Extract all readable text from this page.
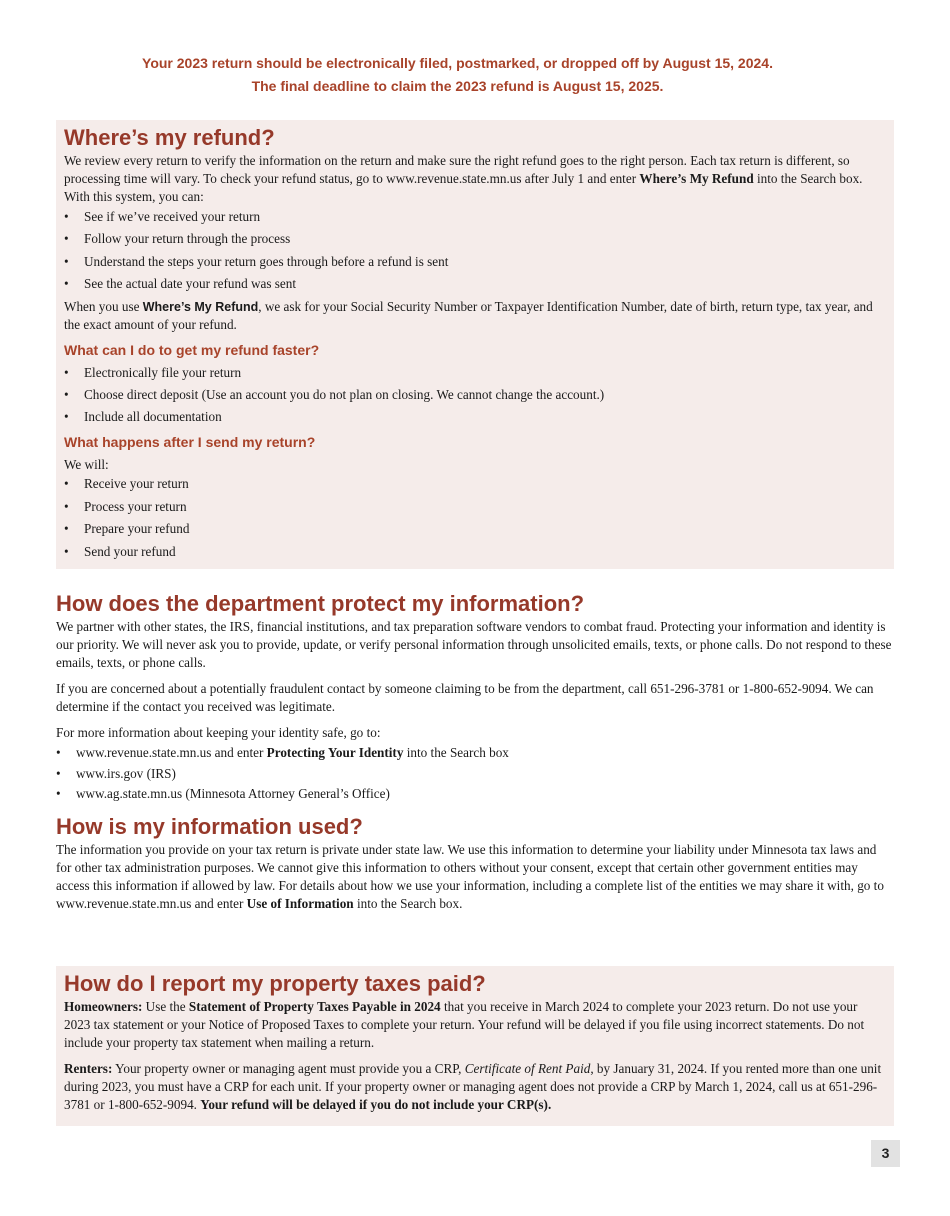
Your 2023 return should be electronically filed, postmarked, or dropped off by August 15, 2024.
The final deadline to claim the 2023 refund is August 15, 2025.
Where’s my refund?

We review every return to verify the information on the return and make sure the right refund goes to the right person. Each tax return is different, so processing time will vary. To check your refund status, go to www.revenue.state.mn.us after July 1 and enter Where’s My Refund into the Search box. With this system, you can:

• See if we’ve received your return
• Follow your return through the process
• Understand the steps your return goes through before a refund is sent
• See the actual date your refund was sent

When you use Where’s My Refund, we ask for your Social Security Number or Taxpayer Identification Number, date of birth, return type, tax year, and the exact amount of your refund.

What can I do to get my refund faster?
• Electronically file your return
• Choose direct deposit (Use an account you do not plan on closing. We cannot change the account.)
• Include all documentation
What happens after I send my return?

We will:

• Receive your return
• Process your return
• Prepare your refund
• Send your refund
How does the department protect my information?

We partner with other states, the IRS, financial institutions, and tax preparation software vendors to combat fraud. Protecting your information and identity is our priority. We will never ask you to provide, update, or verify personal information through unsolicited emails, texts, or phone calls. Do not respond to these emails, texts, or phone calls.

If you are concerned about a potentially fraudulent contact by someone claiming to be from the department, call 651-296-3781 or 1-800-652-9094. We can determine if the contact you received was legitimate.

For more information about keeping your identity safe, go to:

• www.revenue.state.mn.us and enter Protecting Your Identity into the Search box
• www.irs.gov (IRS)
• www.ag.state.mn.us (Minnesota Attorney General’s Office)
How is my information used?

The information you provide on your tax return is private under state law. We use this information to determine your liability under Minnesota tax laws and for other tax administration purposes. We cannot give this information to others without your consent, except that certain other government entities may access this information if allowed by law. For details about how we use your information, including a complete list of the entities we may share it with, go to www.revenue.state.mn.us and enter Use of Information into the Search box.

How do I report my property taxes paid?

Homeowners: Use the Statement of Property Taxes Payable in 2024 that you receive in March 2024 to complete your 2023 return. Do not use your 2023 tax statement or your Notice of Proposed Taxes to complete your return. Your refund will be delayed if you file using incorrect statements. Do not include your property tax statement when mailing a return.

Renters: Your property owner or managing agent must provide you a CRP, Certificate of Rent Paid, by January 31, 2024. If you rented more than one unit during 2023, you must have a CRP for each unit. If your property owner or managing agent does not provide a CRP by March 1, 2024, call us at 651-296-3781 or 1-800-652-9094. Your refund will be delayed if you do not include your CRP(s).

3
